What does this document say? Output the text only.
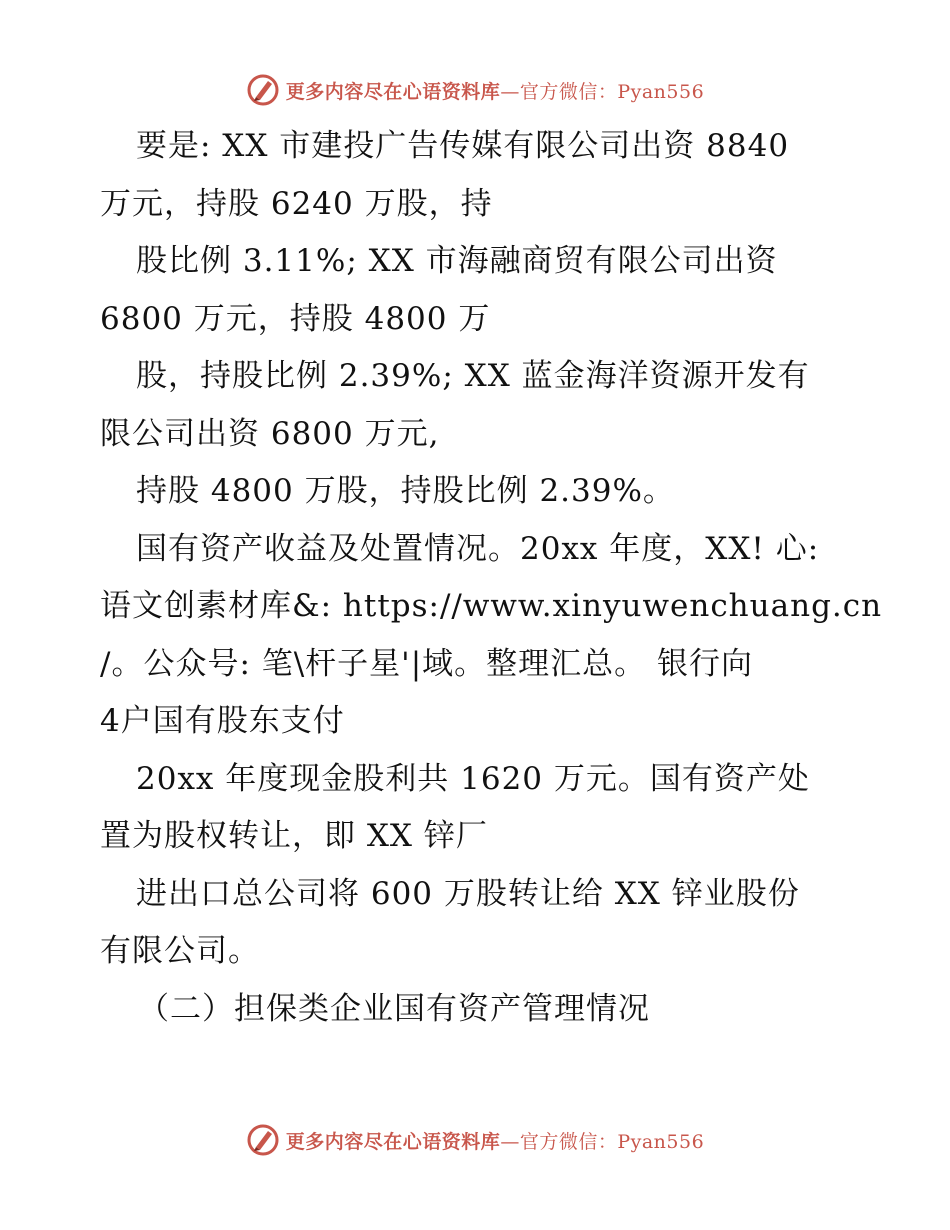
更多内容尽在心语资料库—官方微信：Pyan556
要是: XX 市建投广告传媒有限公司出资 8840
万元，持股 6240 万股，持
股比例 3.11%; XX 市海融商贸有限公司出资
6800 万元，持股 4800 万
股，持股比例 2.39%; XX 蓝金海洋资源开发有
限公司出资 6800 万元,
持股 4800 万股，持股比例 2.39%。
国有资产收益及处置情况。20xx 年度，XX! 心:
语文创素材库&: https://www.xinyuwenchuang.cn
/。公众号: 笔\杆子星'|域。整理汇总。 银行向
4户国有股东支付
20xx 年度现金股利共 1620 万元。国有资产处
置为股权转让，即 XX 锌厂
进出口总公司将 600 万股转让给 XX 锌业股份
有限公司。
（二）担保类企业国有资产管理情况
更多内容尽在心语资料库—官方微信：Pyan556
